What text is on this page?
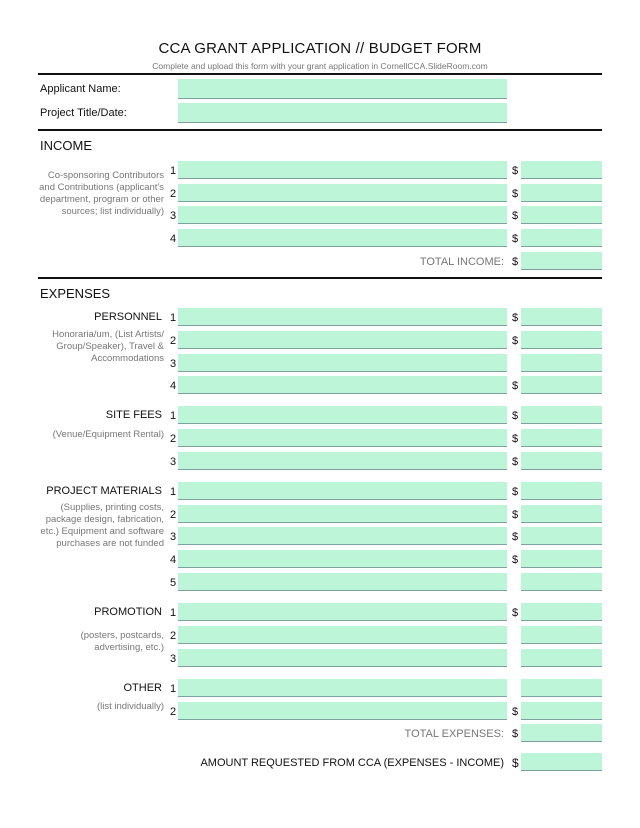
CCA GRANT APPLICATION // BUDGET FORM
Complete and upload this form with your grant application in CornellCCA.SlideRoom.com
Applicant Name:
Project Title/Date:
INCOME
Co-sponsoring Contributors and Contributions (applicant's department, program or other sources; list individually)
1	$
2	$
3	$
4	$
TOTAL INCOME: $
EXPENSES
PERSONNEL
Honoraria/um, (List Artists/ Group/Speaker), Travel & Accommodations
1	$
2	$
3
4	$
SITE FEES
(Venue/Equipment Rental)
1	$
2	$
3	$
PROJECT MATERIALS
(Supplies, printing costs, package design, fabrication, etc.) Equipment and software purchases are not funded
1	$
2	$
3	$
4	$
5
PROMOTION
(posters, postcards, advertising, etc.)
1	$
2
3
OTHER
(list individually)
1
2	$
TOTAL EXPENSES: $
AMOUNT REQUESTED FROM CCA (EXPENSES - INCOME) $
